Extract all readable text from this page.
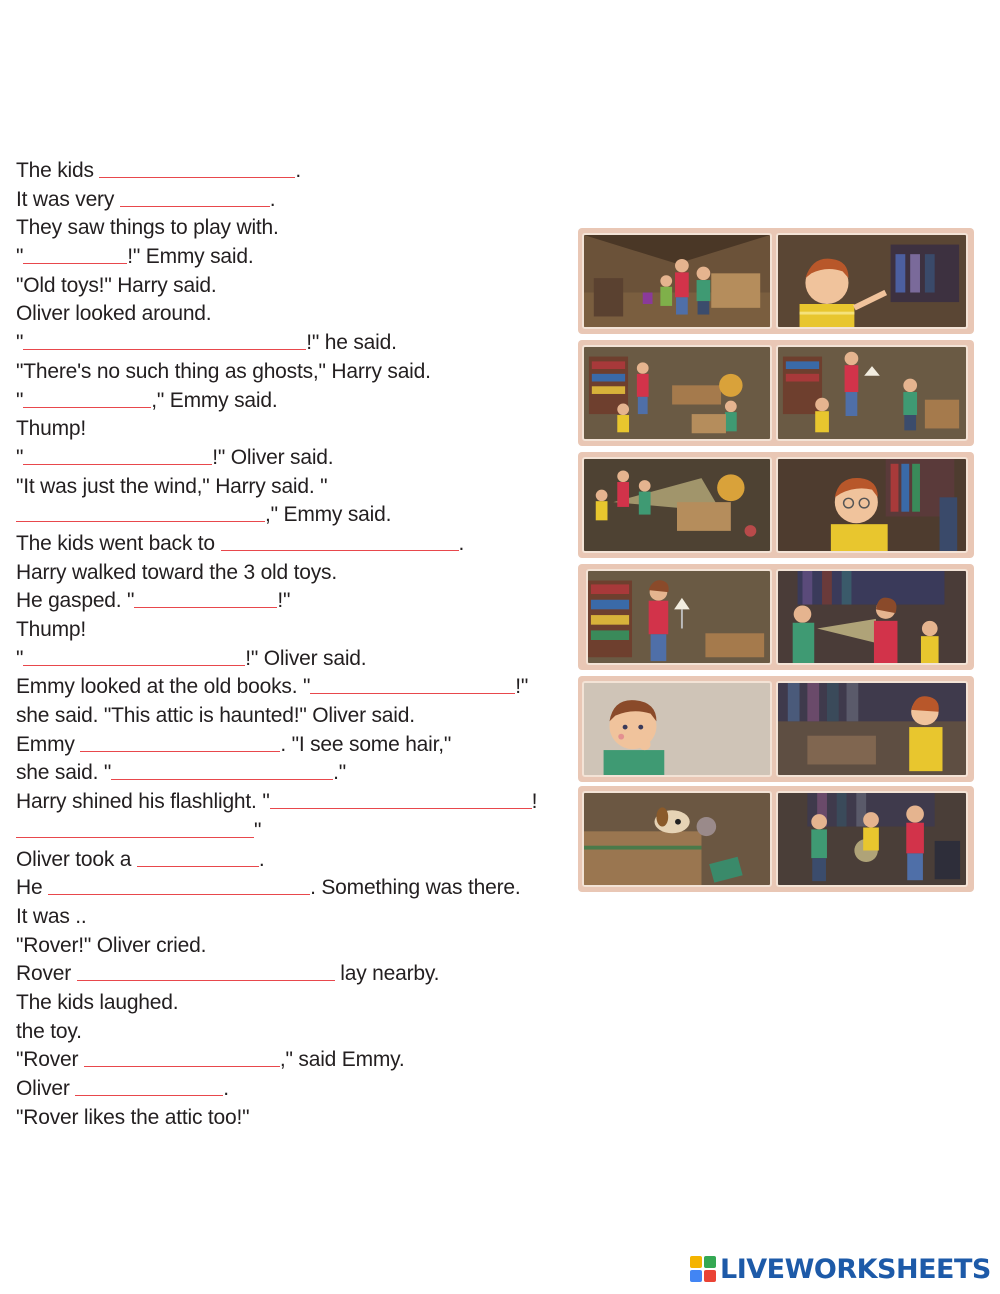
The kids	.
It was very	.
They saw things to play with.
"	!" Emmy said.
"Old toys!" Harry said.
Oliver looked around.
"	!" he said.
"There's no such thing as ghosts," Harry said.
"	," Emmy said.
Thump!
"	!" Oliver said.
"It was just the wind," Harry said. "
," Emmy said.
The kids went back to	.
Harry walked toward the 3 old toys.
He gasped. "	!"
Thump!
"	!" Oliver said.
Emmy looked at the old books. "	!"
she said. "This attic is haunted!" Oliver said.
Emmy	. "I see some hair,"
she said. "	."
Harry shined his flashlight. "	!
"
Oliver took a	.
He	. Something was there.
It was ..
"Rover!" Oliver cried.
Rover	lay nearby.
The kids laughed.
the toy.
"Rover	," said Emmy.
Oliver	.
"Rover likes the attic too!"
LIVEWORKSHEETS
